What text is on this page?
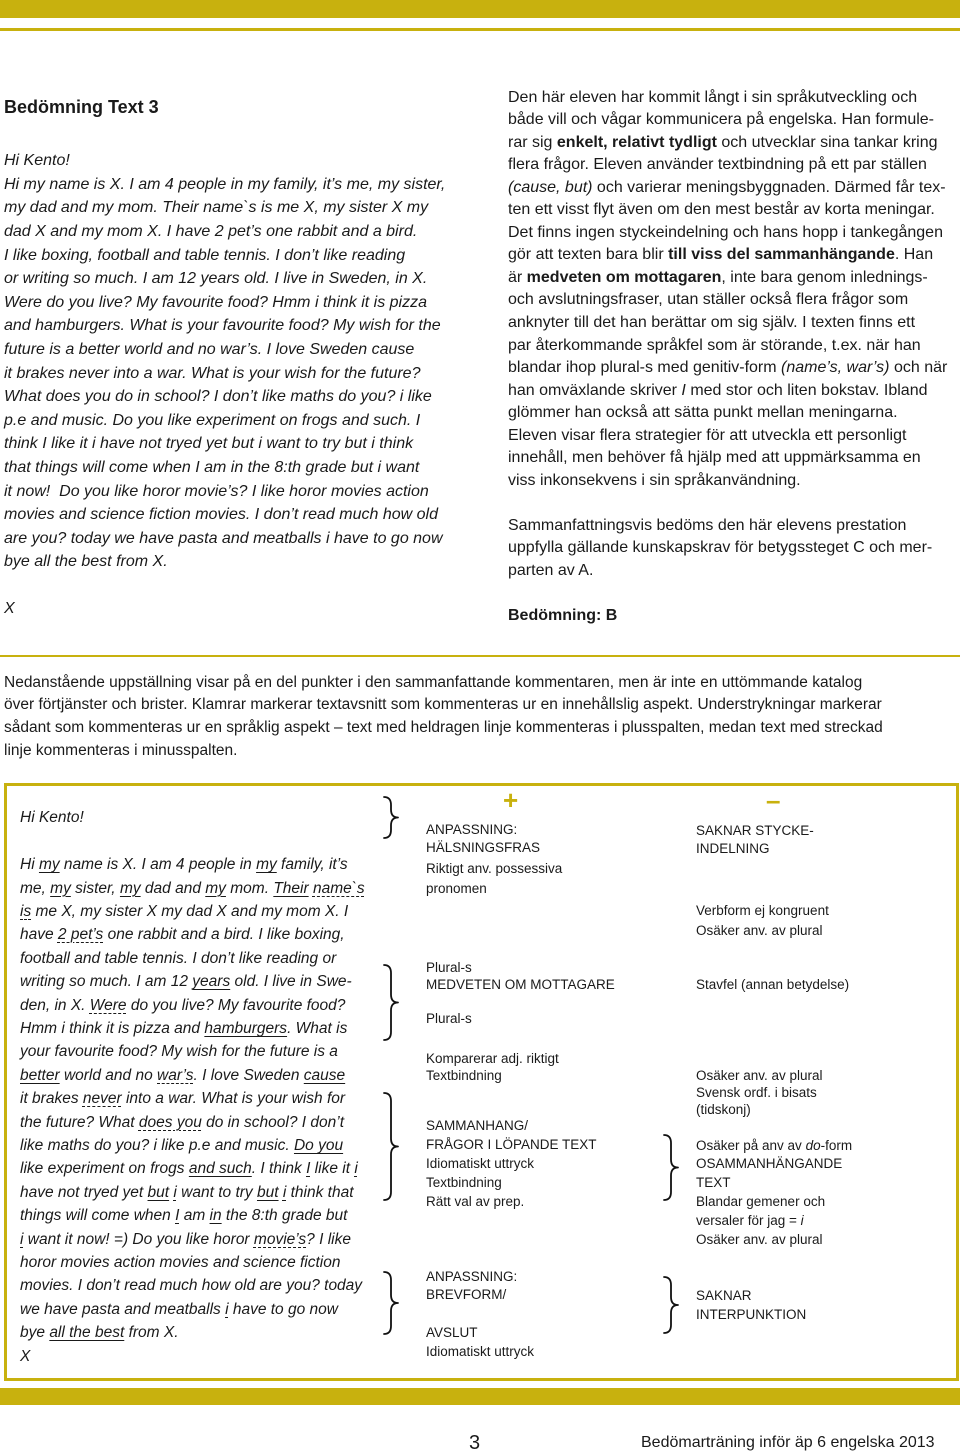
Bedömning Text 3
Hi Kento!
Hi my name is X. I am 4 people in my family, it’s me, my sister,
my dad and my mom. Their name`s is me X, my sister X my
dad X and my mom X. I have 2 pet’s one rabbit and a bird.
I like boxing, football and table tennis. I don’t like reading
or writing so much. I am 12 years old. I live in Sweden, in X.
Were do you live? My favourite food? Hmm i think it is pizza
and hamburgers. What is your favourite food? My wish for the
future is a better world and no war’s. I love Sweden cause
it brakes never into a war. What is your wish for the future?
What does you do in school? I don’t like maths do you? i like
p.e and music. Do you like experiment on frogs and such. I
think I like it i have not tryed yet but i want to try but i think
that things will come when I am in the 8:th grade but i want
it now!  Do you like horor movie’s? I like horor movies action
movies and science fiction movies. I don’t read much how old
are you? today we have pasta and meatballs i have to go now
bye all the best from X.
X
Den här eleven har kommit långt i sin språkutveckling och
både vill och vågar kommunicera på engelska. Han formule-
rar sig enkelt, relativt tydligt och utvecklar sina tankar kring
flera frågor. Eleven använder textbindning på ett par ställen
(cause, but) och varierar meningsbyggnaden. Därmed får tex-
ten ett visst flyt även om den mest består av korta meningar.
Det finns ingen styckeindelning och hans hopp i tankegången
gör att texten bara blir till viss del sammanhängande. Han
är medveten om mottagaren, inte bara genom inlednings-
och avslutningsfraser, utan ställer också flera frågor som
anknyter till det han berättar om sig själv. I texten finns ett
par återkommande språkfel som är störande, t.ex. när han
blandar ihop plural-s med genitiv-form (name’s, war’s) och när
han omväxlande skriver I med stor och liten bokstav. Ibland
glömmer han också att sätta punkt mellan meningarna.
Eleven visar flera strategier för att utveckla ett personligt
innehåll, men behöver få hjälp med att uppmärksamma en
viss inkonsekvens i sin språkanvändning.
Sammanfattningsvis bedöms den här elevens prestation
uppfylla gällande kunskapskrav för betygssteget C och mer-
parten av A.
Bedömning: B
Nedanstående uppställning visar på en del punkter i den sammanfattande kommentaren, men är inte en uttömmande katalog
över förtjänster och brister. Klamrar markerar textavsnitt som kommenteras ur en innehållslig aspekt. Understrykningar markerar
sådant som kommenteras ur en språklig aspekt – text med heldragen linje kommenteras i plusspalten, medan text med streckad
linje kommenteras i minusspalten.
Hi Kento!
Hi my name is X. I am 4 people in my family, it’s
me, my sister, my dad and my mom. Their name`s
is me X, my sister X my dad X and my mom X. I
have 2 pet’s one rabbit and a bird. I like boxing,
football and table tennis. I don’t like reading or
writing so much. I am 12 years old. I live in Swe-
den, in X. Were do you live? My favourite food?
Hmm i think it is pizza and hamburgers. What is
your favourite food? My wish for the future is a
better world and no war’s. I love Sweden cause
it brakes never into a war. What is your wish for
the future? What does you do in school? I don’t
like maths do you? i like p.e and music. Do you
like experiment on frogs and such. I think I like it i
have not tryed yet but i want to try but i think that
things will come when I am in the 8:th grade but
i want it now! =) Do you like horor movie’s? I like
horor movies action movies and science fiction
movies. I don’t read much how old are you? today
we have pasta and meatballs i have to go now
bye all the best from X.
X
+	–
ANPASSNING:
HÄLSNINGSFRAS
Riktigt anv. possessiva
pronomen
Plural-s
MEDVETEN OM MOTTAGARE
Plural-s
Komparerar adj. riktigt
Textbindning
SAMMANHANG/
FRÅGOR I LÖPANDE TEXT
Idiomatiskt uttryck
Textbindning
Rätt val av prep.
ANPASSNING:
BREVFORM/
AVSLUT
Idiomatiskt uttryck
SAKNAR STYCKE-
INDELNING
Verbform ej kongruent
Osäker anv. av plural
Stavfel (annan betydelse)
Osäker anv. av plural
Svensk ordf. i bisats
(tidskonj)
Osäker på anv av do-form
OSAMMANHÄNGANDE
TEXT
Blandar gemener och
versaler för jag = i
Osäker anv. av plural
SAKNAR
INTERPUNKTION
3	Bedömarträning inför äp 6 engelska 2013
